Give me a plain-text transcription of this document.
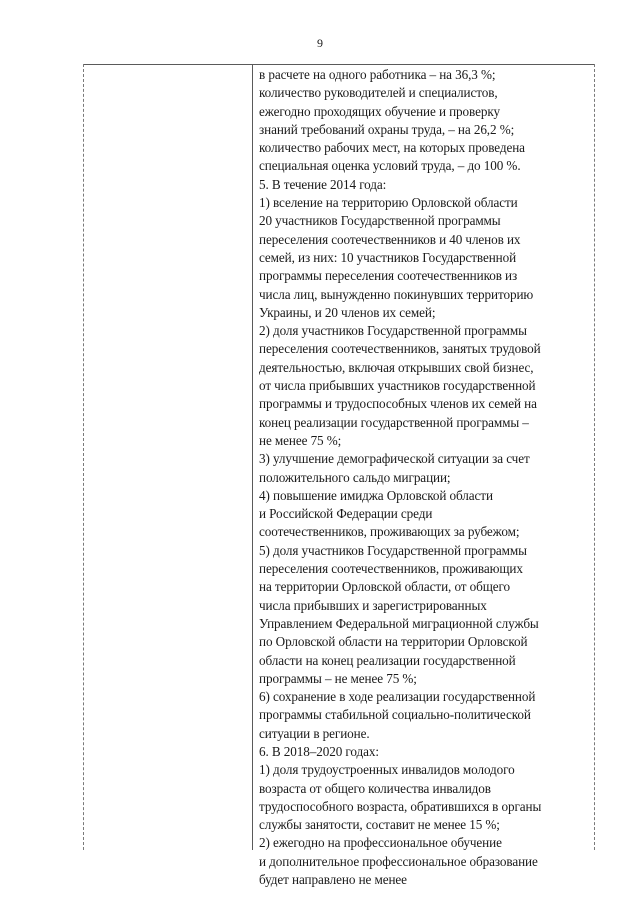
9
в расчете на одного работника – на 36,3 %;
количество руководителей и специалистов,
ежегодно проходящих обучение и проверку
знаний требований охраны труда, – на 26,2 %;
количество рабочих мест, на которых проведена
специальная оценка условий труда, – до 100 %.
5. В течение 2014 года:
1) вселение на территорию Орловской области
20 участников Государственной программы
переселения соотечественников и 40 членов их
семей, из них: 10 участников Государственной
программы переселения соотечественников из
числа лиц, вынужденно покинувших территорию
Украины, и 20 членов их семей;
2) доля участников Государственной программы
переселения соотечественников, занятых трудовой
деятельностью, включая открывших свой бизнес,
от числа прибывших участников государственной
программы и трудоспособных членов их семей на
конец реализации государственной программы –
не менее 75 %;
3) улучшение демографической ситуации за счет
положительного сальдо миграции;
4) повышение имиджа Орловской области
и Российской Федерации среди
соотечественников, проживающих за рубежом;
5) доля участников Государственной программы
переселения соотечественников, проживающих
на территории Орловской области, от общего
числа прибывших и зарегистрированных
Управлением Федеральной миграционной службы
по Орловской области на территории Орловской
области на конец реализации государственной
программы – не менее 75 %;
6) сохранение в ходе реализации государственной
программы стабильной социально-политической
ситуации в регионе.
6. В 2018–2020 годах:
1) доля трудоустроенных инвалидов молодого
возраста от общего количества инвалидов
трудоспособного возраста, обратившихся в органы
службы занятости, составит не менее 15 %;
2) ежегодно на профессиональное обучение
и дополнительное профессиональное образование
будет направлено не менее
